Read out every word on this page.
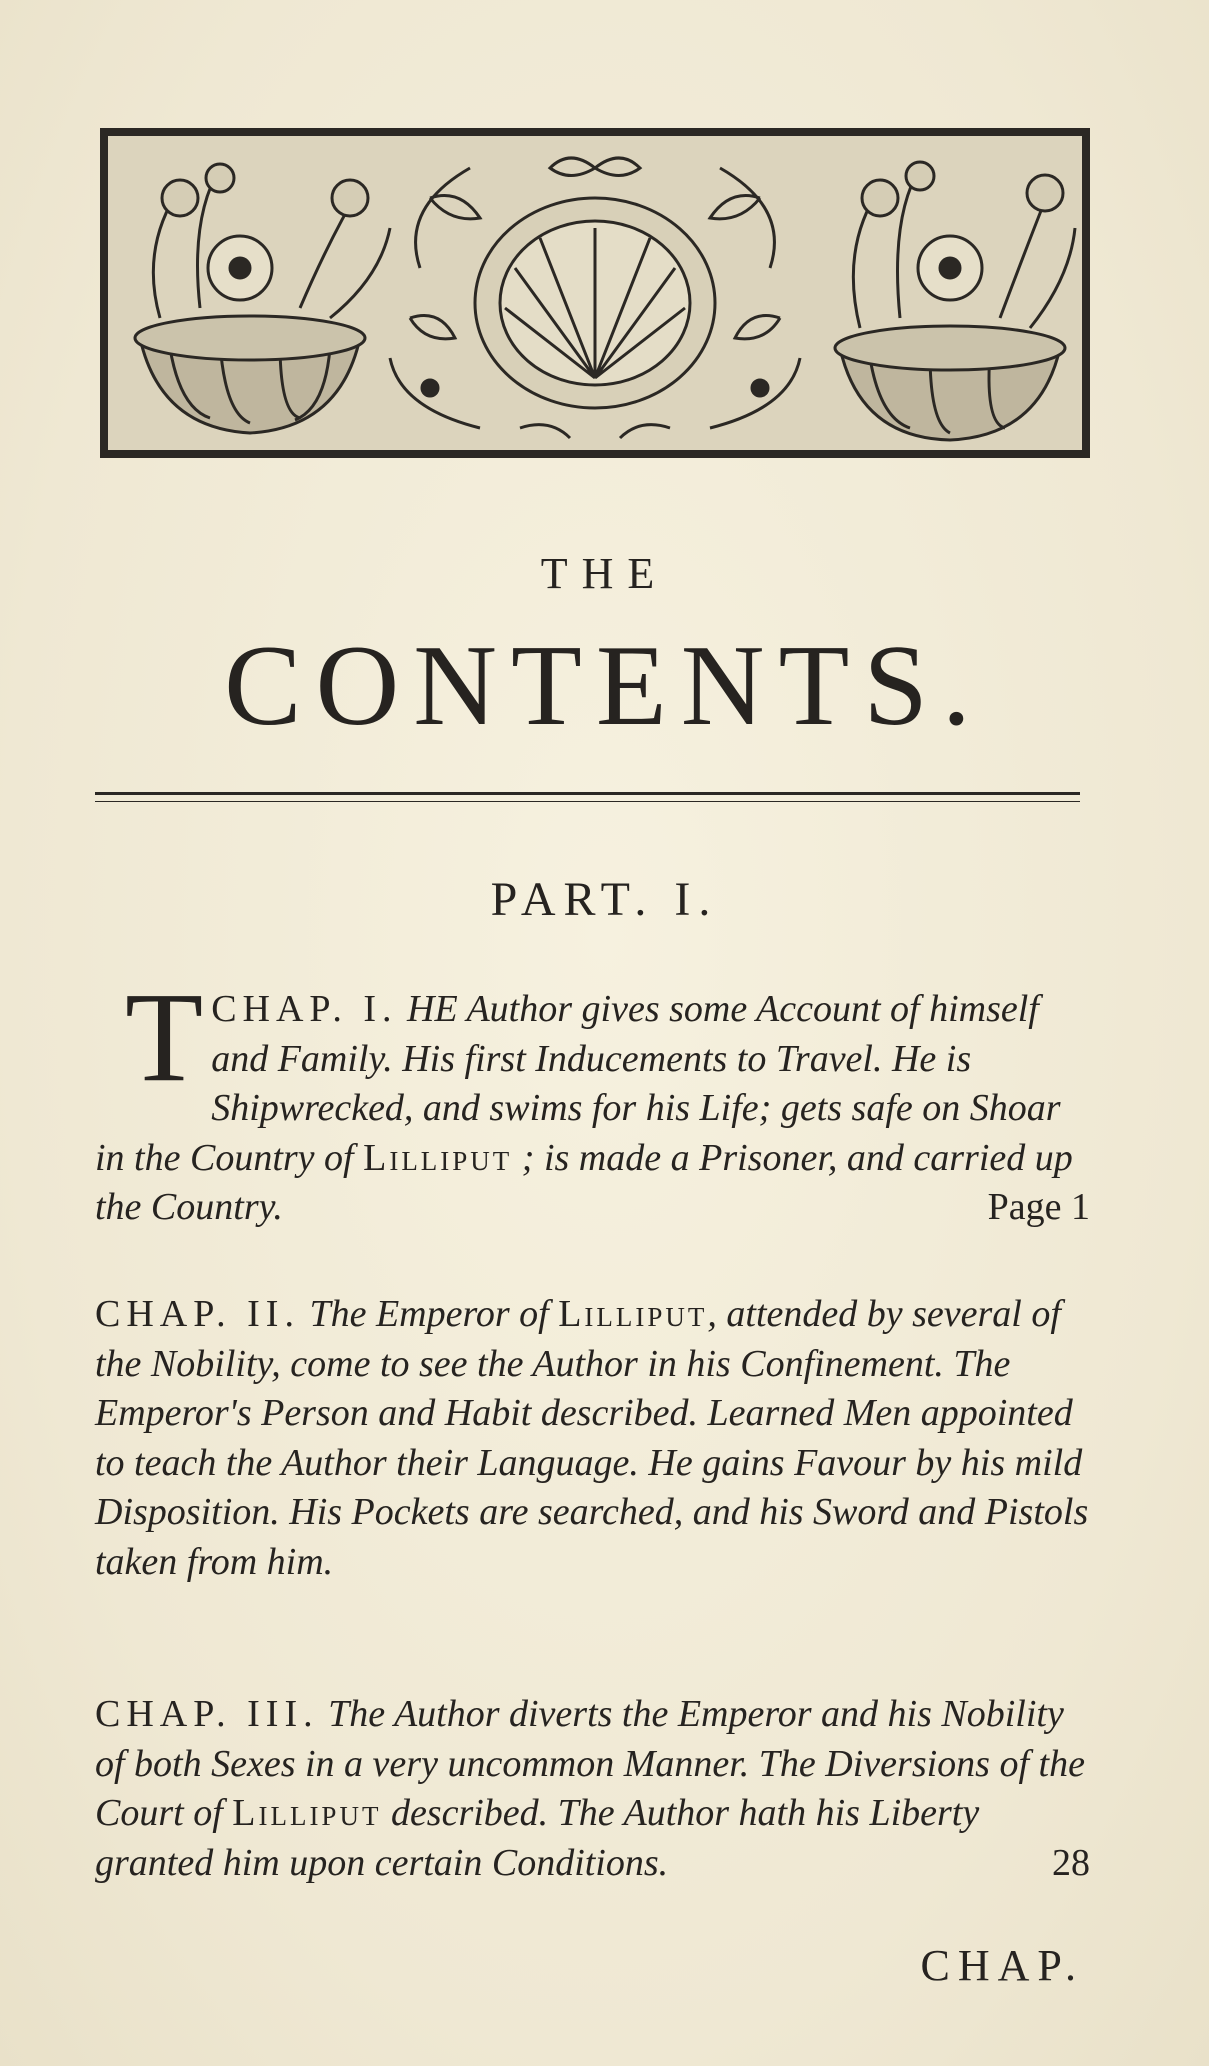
THE
CONTENTS.
PART. I.
CHAP. I.
T	HE Author gives some Account of himself and Family. His first Inducements to Travel. He is Shipwrecked, and swims for his Life; gets safe on Shoar in the Country of Lilliput ; is made a Prisoner, and carried up the Country.	Page 1
CHAP. II. The Emperor of Lilliput, attended by several of the Nobility, come to see the Author in his Confinement. The Emperor's Person and Habit described. Learned Men appointed to teach the Author their Language. He gains Favour by his mild Disposition. His Pockets are searched, and his Sword and Pistols taken from him.
CHAP. III. The Author diverts the Emperor and his Nobility of both Sexes in a very uncommon Manner. The Diversions of the Court of Lilliput described. The Author hath his Liberty granted him upon certain Conditions.	28
CHAP.
